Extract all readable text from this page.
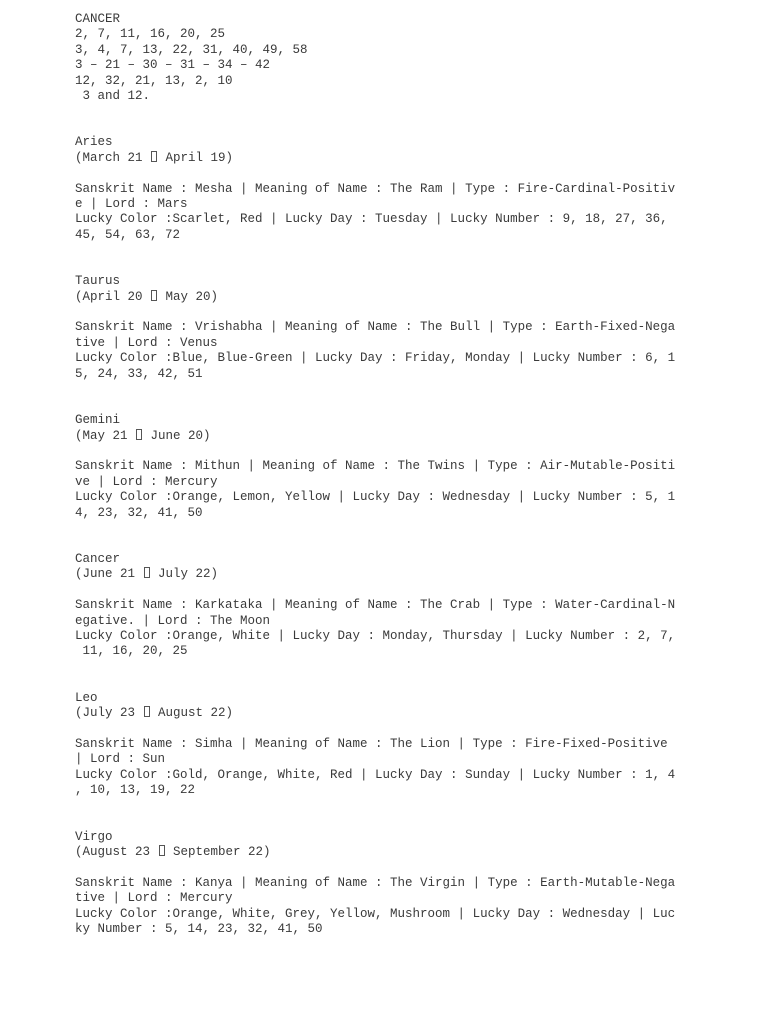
CANCER
2, 7, 11, 16, 20, 25
3, 4, 7, 13, 22, 31, 40, 49, 58
3 – 21 – 30 – 31 – 34 – 42
12, 32, 21, 13, 2, 10
3 and 12.
Aries
(March 21  April 19)
Sanskrit Name : Mesha | Meaning of Name : The Ram | Type : Fire-Cardinal-Positiv
e | Lord : Mars
Lucky Color :Scarlet, Red | Lucky Day : Tuesday | Lucky Number : 9, 18, 27, 36,
45, 54, 63, 72
Taurus
(April 20  May 20)
Sanskrit Name : Vrishabha | Meaning of Name : The Bull | Type : Earth-Fixed-Nega
tive | Lord : Venus
Lucky Color :Blue, Blue-Green | Lucky Day : Friday, Monday | Lucky Number : 6, 1
5, 24, 33, 42, 51
Gemini
(May 21  June 20)
Sanskrit Name : Mithun | Meaning of Name : The Twins | Type : Air-Mutable-Positi
ve | Lord : Mercury
Lucky Color :Orange, Lemon, Yellow | Lucky Day : Wednesday | Lucky Number : 5, 1
4, 23, 32, 41, 50
Cancer
(June 21  July 22)
Sanskrit Name : Karkataka | Meaning of Name : The Crab | Type : Water-Cardinal-N
egative. | Lord : The Moon
Lucky Color :Orange, White | Lucky Day : Monday, Thursday | Lucky Number : 2, 7,
11, 16, 20, 25
Leo
(July 23  August 22)
Sanskrit Name : Simha | Meaning of Name : The Lion | Type : Fire-Fixed-Positive
| Lord : Sun
Lucky Color :Gold, Orange, White, Red | Lucky Day : Sunday | Lucky Number : 1, 4
, 10, 13, 19, 22
Virgo
(August 23  September 22)
Sanskrit Name : Kanya | Meaning of Name : The Virgin | Type : Earth-Mutable-Nega
tive | Lord : Mercury
Lucky Color :Orange, White, Grey, Yellow, Mushroom | Lucky Day : Wednesday | Luc
ky Number : 5, 14, 23, 32, 41, 50
